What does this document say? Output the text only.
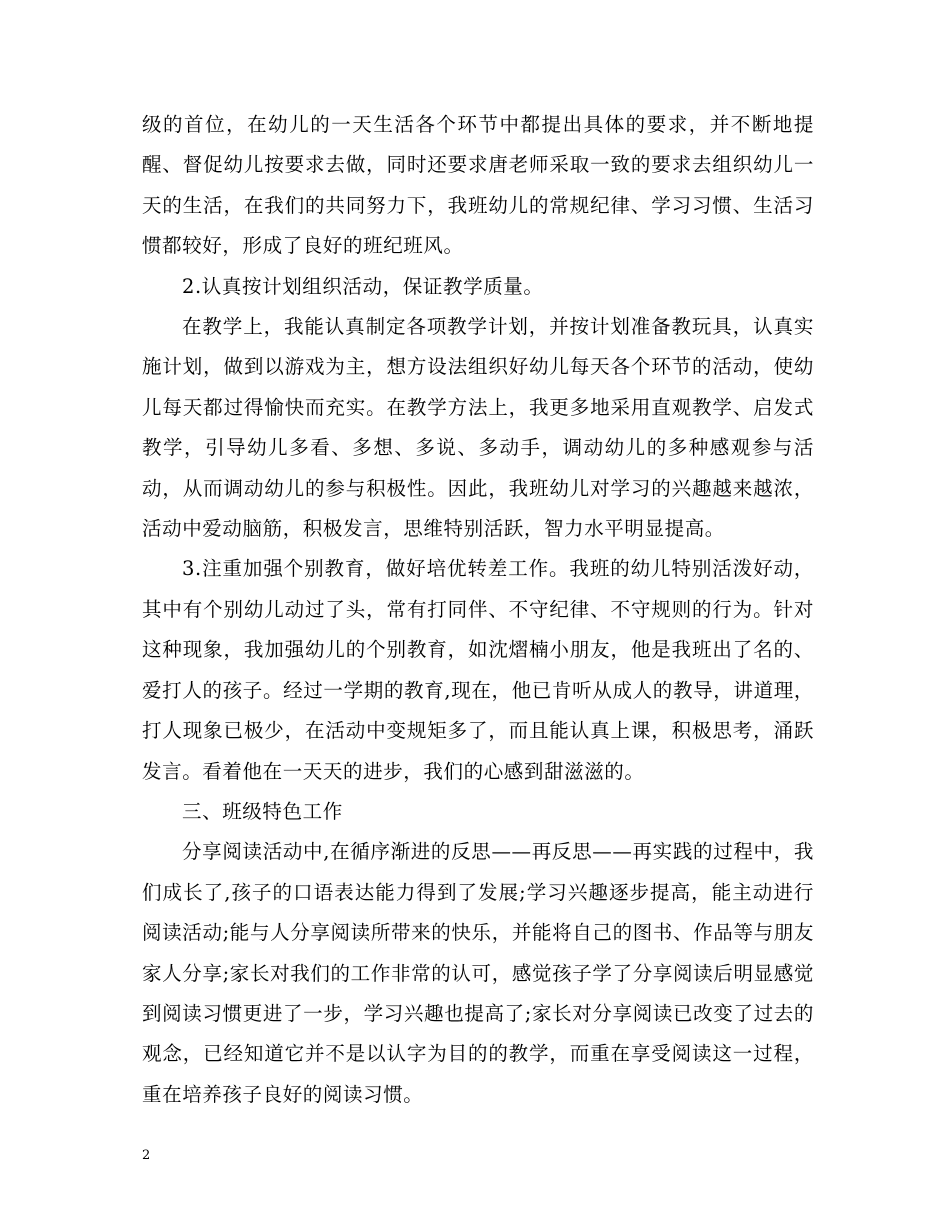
级的首位，在幼儿的一天生活各个环节中都提出具体的要求，并不断地提醒、督促幼儿按要求去做，同时还要求唐老师采取一致的要求去组织幼儿一天的生活，在我们的共同努力下，我班幼儿的常规纪律、学习习惯、生活习惯都较好，形成了良好的班纪班风。

2.认真按计划组织活动，保证教学质量。

在教学上，我能认真制定各项教学计划，并按计划准备教玩具，认真实施计划，做到以游戏为主，想方设法组织好幼儿每天各个环节的活动，使幼儿每天都过得愉快而充实。在教学方法上，我更多地采用直观教学、启发式教学，引导幼儿多看、多想、多说、多动手，调动幼儿的多种感观参与活动，从而调动幼儿的参与积极性。因此，我班幼儿对学习的兴趣越来越浓，活动中爱动脑筋，积极发言，思维特别活跃，智力水平明显提高。

3.注重加强个别教育，做好培优转差工作。我班的幼儿特别活泼好动，其中有个别幼儿动过了头，常有打同伴、不守纪律、不守规则的行为。针对这种现象，我加强幼儿的个别教育，如沈熠楠小朋友，他是我班出了名的、爱打人的孩子。经过一学期的教育,现在，他已肯听从成人的教导，讲道理，打人现象已极少，在活动中变规矩多了，而且能认真上课，积极思考，涌跃发言。看着他在一天天的进步，我们的心感到甜滋滋的。

三、班级特色工作

分享阅读活动中,在循序渐进的反思——再反思——再实践的过程中，我们成长了,孩子的口语表达能力得到了发展;学习兴趣逐步提高，能主动进行阅读活动;能与人分享阅读所带来的快乐，并能将自己的图书、作品等与朋友家人分享;家长对我们的工作非常的认可，感觉孩子学了分享阅读后明显感觉到阅读习惯更进了一步，学习兴趣也提高了;家长对分享阅读已改变了过去的观念，已经知道它并不是以认字为目的的教学，而重在享受阅读这一过程，重在培养孩子良好的阅读习惯。

2
